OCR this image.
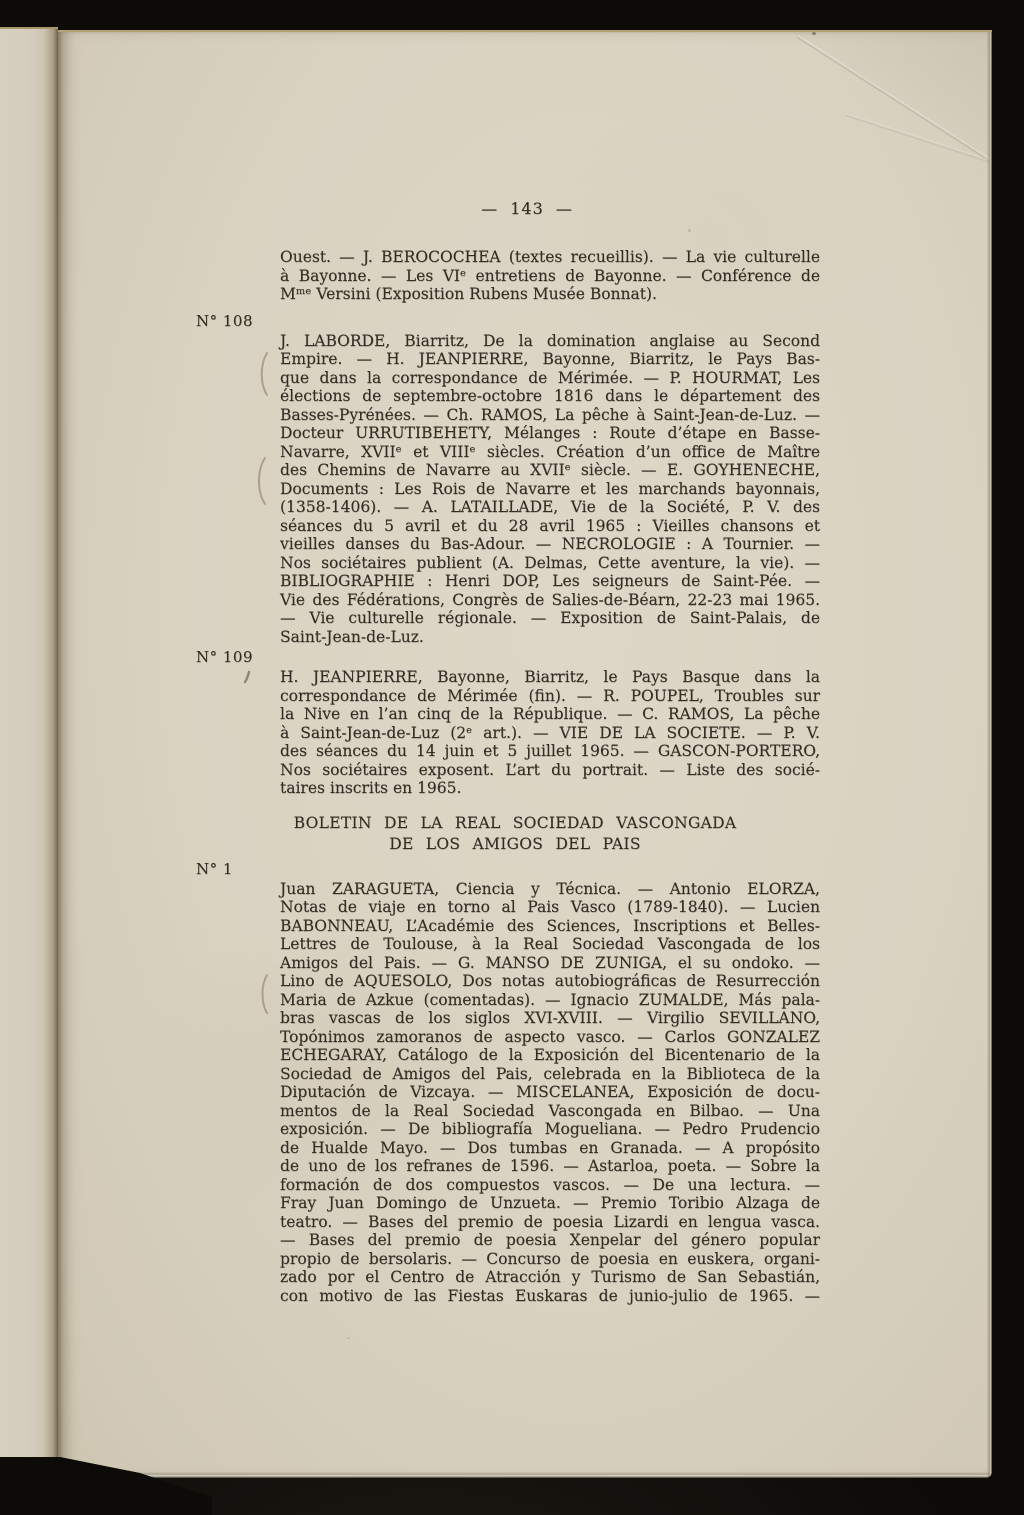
— 143 —
Ouest. — J. BEROCOCHEA (textes recueillis). — La vie culturelle
à Bayonne. — Les VIᵉ entretiens de Bayonne. — Conférence de
Mᵐᵉ Versini (Exposition Rubens Musée Bonnat).
N° 108
J. LABORDE, Biarritz, De la domination anglaise au Second
Empire. — H. JEANPIERRE, Bayonne, Biarritz, le Pays Bas-
que dans la correspondance de Mérimée. — P. HOURMAT, Les
élections de septembre-octobre 1816 dans le département des
Basses-Pyrénées. — Ch. RAMOS, La pêche à Saint-Jean-de-Luz. —
Docteur URRUTIBEHETY, Mélanges : Route d’étape en Basse-
Navarre, XVIIᵉ et VIIIᵉ siècles. Création d’un office de Maître
des Chemins de Navarre au XVIIᵉ siècle. — E. GOYHENECHE,
Documents : Les Rois de Navarre et les marchands bayonnais,
(1358-1406). — A. LATAILLADE, Vie de la Société, P. V. des
séances du 5 avril et du 28 avril 1965 : Vieilles chansons et
vieilles danses du Bas-Adour. — NECROLOGIE : A Tournier. —
Nos sociétaires publient (A. Delmas, Cette aventure, la vie). —
BIBLIOGRAPHIE : Henri DOP, Les seigneurs de Saint-Pée. —
Vie des Fédérations, Congrès de Salies-de-Béarn, 22-23 mai 1965.
— Vie culturelle régionale. — Exposition de Saint-Palais, de
Saint-Jean-de-Luz.
N° 109
H. JEANPIERRE, Bayonne, Biarritz, le Pays Basque dans la
correspondance de Mérimée (fin). — R. POUPEL, Troubles sur
la Nive en l’an cinq de la République. — C. RAMOS, La pêche
à Saint-Jean-de-Luz (2ᵉ art.). — VIE DE LA SOCIETE. — P. V.
des séances du 14 juin et 5 juillet 1965. — GASCON-PORTERO,
Nos sociétaires exposent. L’art du portrait. — Liste des socié-
taires inscrits en 1965.
BOLETIN DE LA REAL SOCIEDAD VASCONGADA
DE LOS AMIGOS DEL PAIS
N° 1
Juan ZARAGUETA, Ciencia y Técnica. — Antonio ELORZA,
Notas de viaje en torno al Pais Vasco (1789-1840). — Lucien
BABONNEAU, L’Académie des Sciences, Inscriptions et Belles-
Lettres de Toulouse, à la Real Sociedad Vascongada de los
Amigos del Pais. — G. MANSO DE ZUNIGA, el su ondoko. —
Lino de AQUESOLO, Dos notas autobiográficas de Resurrección
Maria de Azkue (comentadas). — Ignacio ZUMALDE, Más pala-
bras vascas de los siglos XVI-XVIII. — Virgilio SEVILLANO,
Topónimos zamoranos de aspecto vasco. — Carlos GONZALEZ
ECHEGARAY, Catálogo de la Exposición del Bicentenario de la
Sociedad de Amigos del Pais, celebrada en la Biblioteca de la
Diputación de Vizcaya. — MISCELANEA, Exposición de docu-
mentos de la Real Sociedad Vascongada en Bilbao. — Una
exposición. — De bibliografía Mogueliana. — Pedro Prudencio
de Hualde Mayo. — Dos tumbas en Granada. — A propósito
de uno de los refranes de 1596. — Astarloa, poeta. — Sobre la
formación de dos compuestos vascos. — De una lectura. —
Fray Juan Domingo de Unzueta. — Premio Toribio Alzaga de
teatro. — Bases del premio de poesia Lizardi en lengua vasca.
— Bases del premio de poesia Xenpelar del género popular
propio de bersolaris. — Concurso de poesia en euskera, organi-
zado por el Centro de Atracción y Turismo de San Sebastián,
con motivo de las Fiestas Euskaras de junio-julio de 1965. —
